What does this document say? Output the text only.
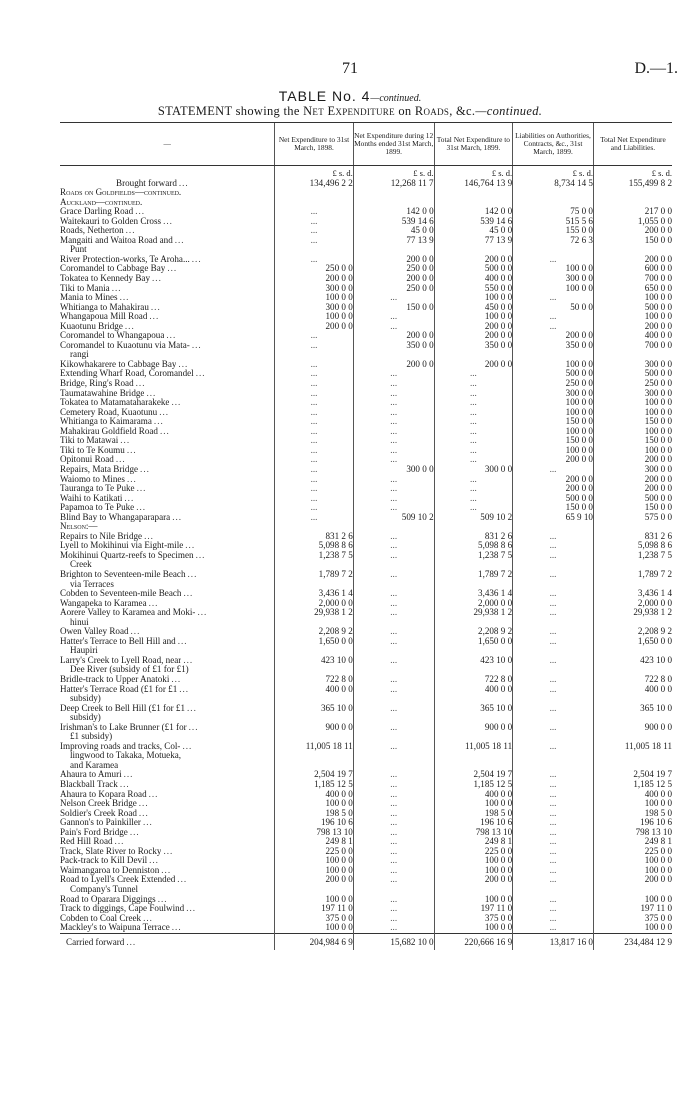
71	D.—1.
TABLE No. 4—continued.
STATEMENT showing the Net Expenditure on Roads, &c.—continued.
—	Net Expenditure to 31st March, 1898.	Net Expenditure during 12 Months ended 31st March, 1899.	Total Net Expenditure to 31st March, 1899.	Liabilities on Authorities, Contracts, &c., 31st March, 1899.	Total Net Expenditure and Liabilities.
	£ s. d.	£ s. d.	£ s. d.	£ s. d.	£ s. d.

Brought forward ...	134,496 2 2	12,268 11 7	146,764 13 9	8,734 14 5	155,499 8 2

Roads on Goldfields—continued.					

Auckland—continued.					

Grace Darling Road ...	...	142 0 0	142 0 0	75 0 0	217 0 0

Waitekauri to Golden Cross ...	...	539 14 6	539 14 6	515 5 6	1,055 0 0

Roads, Netherton ...	...	45 0 0	45 0 0	155 0 0	200 0 0

Mangaiti and Waitoa Road and ...	...	77 13 9	77 13 9	72 6 3	150 0 0

Punt					

River Protection-works, Te Aroha... ...	...	200 0 0	200 0 0	...	200 0 0

Coromandel to Cabbage Bay ...	250 0 0	250 0 0	500 0 0	100 0 0	600 0 0

Tokatea to Kennedy Bay ...	200 0 0	200 0 0	400 0 0	300 0 0	700 0 0

Tiki to Mania ...	300 0 0	250 0 0	550 0 0	100 0 0	650 0 0

Mania to Mines ...	100 0 0	...	100 0 0	...	100 0 0

Whitianga to Mahakirau ...	300 0 0	150 0 0	450 0 0	50 0 0	500 0 0

Whangapoua Mill Road ...	100 0 0	...	100 0 0	...	100 0 0

Kuaotunu Bridge ...	200 0 0	...	200 0 0	...	200 0 0

Coromandel to Whangapoua ...	...	200 0 0	200 0 0	200 0 0	400 0 0

Coromandel to Kuaotunu via Mata- ...	...	350 0 0	350 0 0	350 0 0	700 0 0

rangi					

Kikowhakarere to Cabbage Bay ...	...	200 0 0	200 0 0	100 0 0	300 0 0

Extending Wharf Road, Coromandel ...	...	...	...	500 0 0	500 0 0

Bridge, Ring's Road ...	...	...	...	250 0 0	250 0 0

Taumatawahine Bridge ...	...	...	...	300 0 0	300 0 0

Tokatea to Matamataharakeke ...	...	...	...	100 0 0	100 0 0

Cemetery Road, Kuaotunu ...	...	...	...	100 0 0	100 0 0

Whitianga to Kaimarama ...	...	...	...	150 0 0	150 0 0

Mahakirau Goldfield Road ...	...	...	...	100 0 0	100 0 0

Tiki to Matawai ...	...	...	...	150 0 0	150 0 0

Tiki to Te Koumu ...	...	...	...	100 0 0	100 0 0

Opitonui Road ...	...	...	...	200 0 0	200 0 0

Repairs, Mata Bridge ...	...	300 0 0	300 0 0	...	300 0 0

Waiomo to Mines ...	...	...	...	200 0 0	200 0 0

Tauranga to Te Puke ...	...	...	...	200 0 0	200 0 0

Waihi to Katikati ...	...	...	...	500 0 0	500 0 0

Papamoa to Te Puke ...	...	...	...	150 0 0	150 0 0

Blind Bay to Whangaparapara ...	...	509 10 2	509 10 2	65 9 10	575 0 0

Nelson:—					

Repairs to Nile Bridge ...	831 2 6	...	831 2 6	...	831 2 6

Lyell to Mokihinui via Eight-mile ...	5,098 8 6	...	5,098 8 6	...	5,098 8 6

Mokihinui Quartz-reefs to Specimen ...	1,238 7 5	...	1,238 7 5	...	1,238 7 5

Creek					

Brighton to Seventeen-mile Beach ...	1,789 7 2	...	1,789 7 2	...	1,789 7 2

via Terraces					

Cobden to Seventeen-mile Beach ...	3,436 1 4	...	3,436 1 4	...	3,436 1 4

Wangapeka to Karamea ...	2,000 0 0	...	2,000 0 0	...	2,000 0 0

Aorere Valley to Karamea and Moki- ...	29,938 1 2	...	29,938 1 2	...	29,938 1 2

hinui					

Owen Valley Road ...	2,208 9 2	...	2,208 9 2	...	2,208 9 2

Hatter's Terrace to Bell Hill and ...	1,650 0 0	...	1,650 0 0	...	1,650 0 0

Haupiri					

Larry's Creek to Lyell Road, near ...	423 10 0	...	423 10 0	...	423 10 0

Dee River (subsidy of £1 for £1)					

Bridle-track to Upper Anatoki ...	722 8 0	...	722 8 0	...	722 8 0

Hatter's Terrace Road (£1 for £1 ...	400 0 0	...	400 0 0	...	400 0 0

subsidy)					

Deep Creek to Bell Hill (£1 for £1 ...	365 10 0	...	365 10 0	...	365 10 0

subsidy)					

Irishman's to Lake Brunner (£1 for ...	900 0 0	...	900 0 0	...	900 0 0

£1 subsidy)					

Improving roads and tracks, Col- ...	11,005 18 11	...	11,005 18 11	...	11,005 18 11

lingwood to Takaka, Motueka,					

and Karamea					

Ahaura to Amuri ...	2,504 19 7	...	2,504 19 7	...	2,504 19 7

Blackball Track ...	1,185 12 5	...	1,185 12 5	...	1,185 12 5

Ahaura to Kopara Road ...	400 0 0	...	400 0 0	...	400 0 0

Nelson Creek Bridge ...	100 0 0	...	100 0 0	...	100 0 0

Soldier's Creek Road ...	198 5 0	...	198 5 0	...	198 5 0

Gannon's to Painkiller ...	196 10 6	...	196 10 6	...	196 10 6

Pain's Ford Bridge ...	798 13 10	...	798 13 10	...	798 13 10

Red Hill Road ...	249 8 1	...	249 8 1	...	249 8 1

Track, Slate River to Rocky ...	225 0 0	...	225 0 0	...	225 0 0

Pack-track to Kill Devil ...	100 0 0	...	100 0 0	...	100 0 0

Waimangaroa to Denniston ...	100 0 0	...	100 0 0	...	100 0 0

Road to Lyell's Creek Extended ...	200 0 0	...	200 0 0	...	200 0 0

Company's Tunnel					

Road to Oparara Diggings ...	100 0 0	...	100 0 0	...	100 0 0

Track to diggings, Cape Foulwind ...	197 11 0	...	197 11 0	...	197 11 0

Cobden to Coal Creek ...	375 0 0	...	375 0 0	...	375 0 0

Mackley's to Waipuna Terrace ...	100 0 0	...	100 0 0	...	100 0 0

Carried forward ...	204,984 6 9	15,682 10 0	220,666 16 9	13,817 16 0	234,484 12 9
